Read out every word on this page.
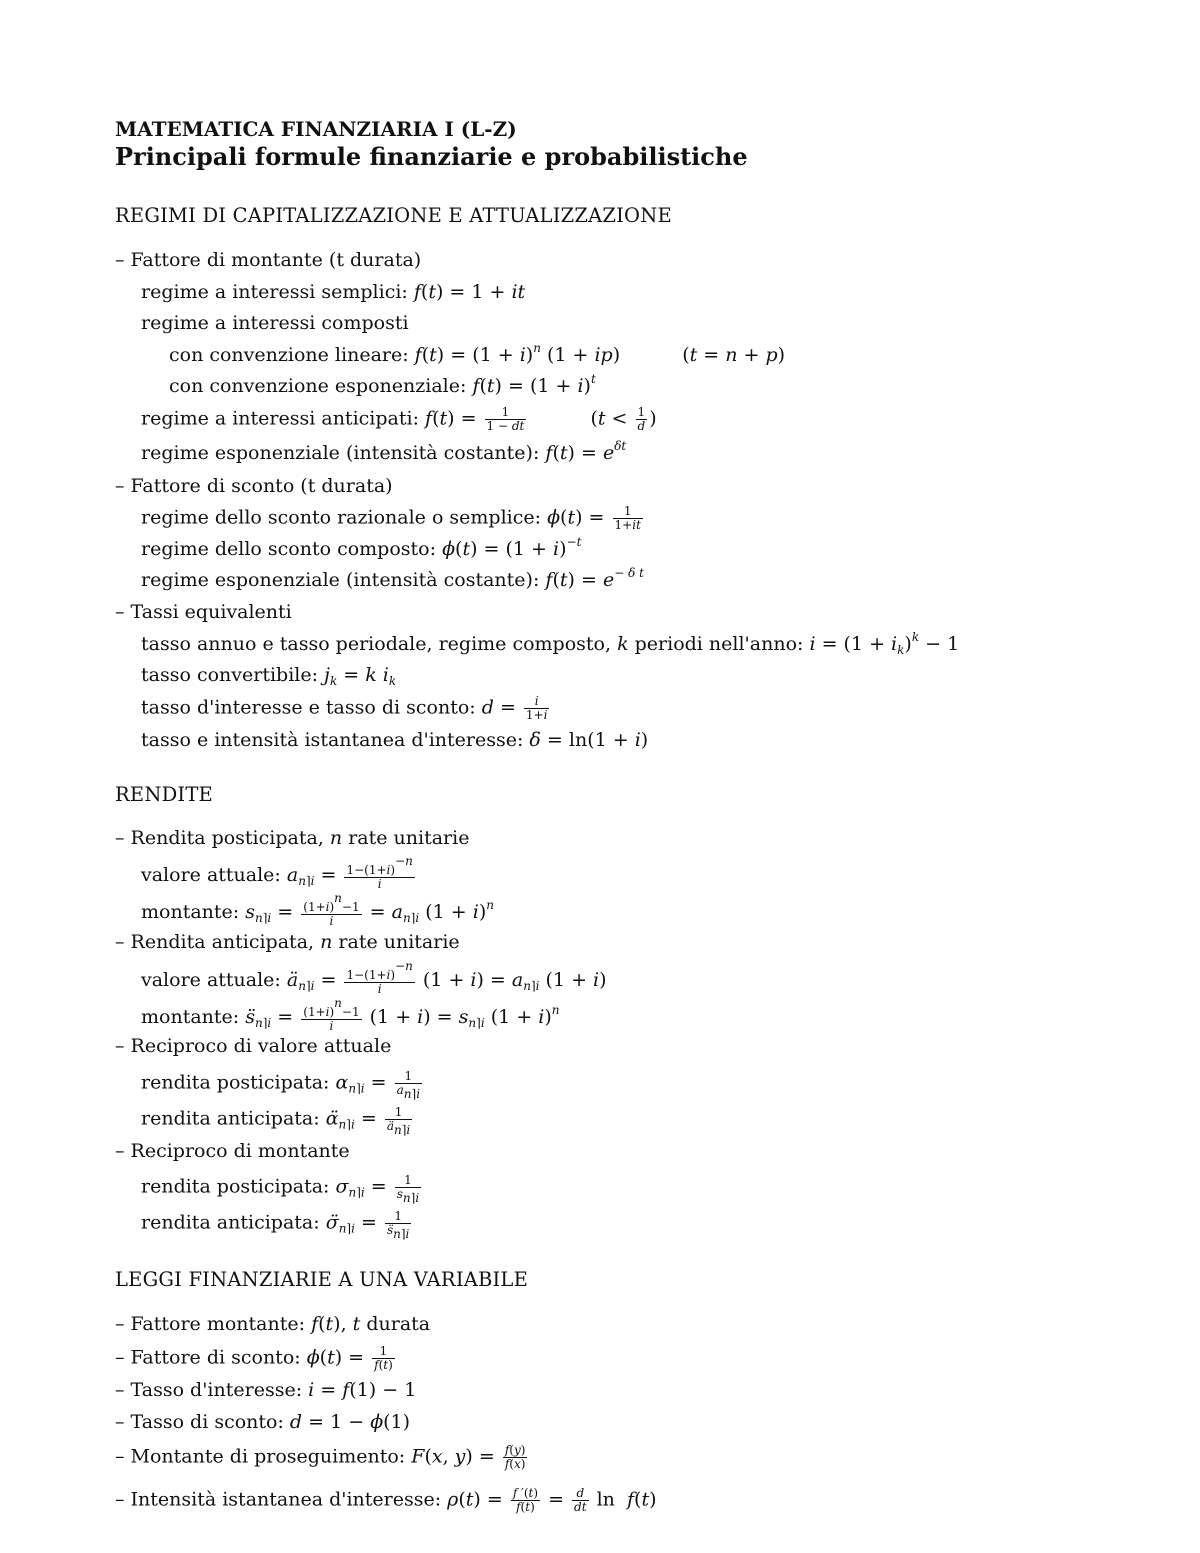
MATEMATICA FINANZIARIA I (L-Z)
Principali formule finanziarie e probabilistiche
REGIMI DI CAPITALIZZAZIONE E ATTUALIZZAZIONE
– Fattore di montante (t durata)
regime a interessi semplici: f(t) = 1 + it
regime a interessi composti
con convenzione lineare: $f(t) = (1 + i)^n$ (1 + ip)	(t = n + p)
con convenzione esponenziale: $f(t) = (1 + i)^t$
regime a interessi anticipati: $f(t) = \frac{1}{1 - dt}$	($t < \frac{1}{d}$ )
regime esponenziale (intensità costante): $f(t) = e^{\delta t}$
– Fattore di sconto (t durata)
regime dello sconto razionale o semplice: $\phi(t) = \frac{1}{1+it}$
regime dello sconto composto: $\phi(t) = (1 + i)^{-t}$
regime esponenziale (intensità costante): $f(t) = e^{- \delta t}$
– Tassi equivalenti
tasso annuo e tasso periodale, regime composto, k periodi nell'anno: $i = (1 + i_k)^k - 1$
tasso convertibile: $j_k = k$ $i_k$
tasso d'interesse e tasso di sconto: $d = \frac{i}{1+i}$
tasso e intensità istantanea d'interesse: δ = ln(1 + i)
RENDITE
– Rendita posticipata, n rate unitarie
valore attuale: $a_{n⌉i} = \frac{1-(1+i)^{-n}}{i}$
montante: $s_{n⌉i} = \frac{(1+i)^n-1}{i} = a_{n⌉i}$ $(1 + i)^n$
– Rendita anticipata, n rate unitarie
valore attuale: $ä_{n⌉i} = \frac{1-(1+i)^{-n}}{i} (1 + i) = a_{n⌉i}$ (1 + i)
montante: $s̈_{n⌉i} = \frac{(1+i)^n-1}{i} (1 + i) = s_{n⌉i}$ $(1 + i)^n$
– Reciproco di valore attuale
rendita posticipata: $\alpha_{n⌉i} = \frac{1}{a_{n⌉i}}$
rendita anticipata: $\alphä_{n⌉i} = \frac{1}{ä_{n⌉i}}$
– Reciproco di montante
rendita posticipata: $\sigma_{n⌉i} = \frac{1}{s_{n⌉i}}$
rendita anticipata: $\sigmä_{n⌉i} = \frac{1}{s̈_{n⌉i}}$
LEGGI FINANZIARIE A UNA VARIABILE
– Fattore montante: f(t), t durata
– Fattore di sconto: $\phi(t) = \frac{1}{f(t)}$
– Tasso d'interesse: i = f(1) − 1
– Tasso di sconto: d = 1 − ϕ(1)
– Montante di proseguimento: F(x, $y) = \frac{f(y)}{f(x)}$
– Intensità istantanea d'interesse: $\rho(t) = \frac{f '(t)}{f(t)} = \frac{d}{dt}$ ln  f(t)
